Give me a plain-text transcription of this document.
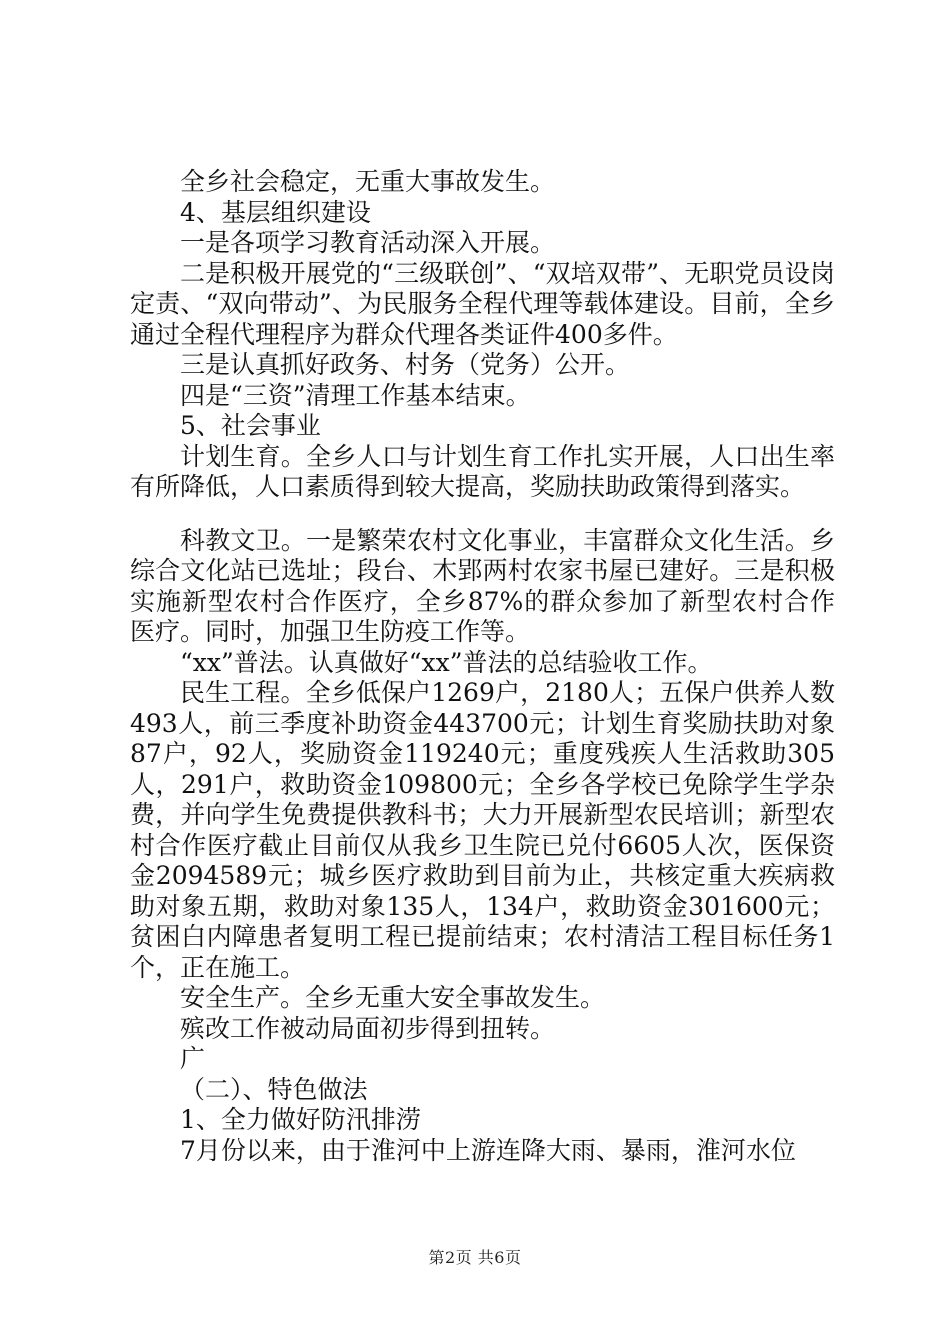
全乡社会稳定，无重大事故发生。

4、基层组织建设

一是各项学习教育活动深入开展。

二是积极开展党的“三级联创”、“双培双带”、无职党员设岗定责、“双向带动”、为民服务全程代理等载体建设。目前，全乡通过全程代理程序为群众代理各类证件400多件。

三是认真抓好政务、村务（党务）公开。

四是“三资”清理工作基本结束。

5、社会事业

计划生育。全乡人口与计划生育工作扎实开展，人口出生率有所降低，人口素质得到较大提高，奖励扶助政策得到落实。

科教文卫。一是繁荣农村文化事业，丰富群众文化生活。乡综合文化站已选址；段台、木郢两村农家书屋已建好。三是积极实施新型农村合作医疗，全乡87%的群众参加了新型农村合作医疗。同时，加强卫生防疫工作等。

“xx”普法。认真做好“xx”普法的总结验收工作。

民生工程。全乡低保户1269户，2180人；五保户供养人数493人，前三季度补助资金443700元；计划生育奖励扶助对象87户，92人，奖励资金119240元；重度残疾人生活救助305人，291户，救助资金109800元；全乡各学校已免除学生学杂费，并向学生免费提供教科书；大力开展新型农民培训；新型农村合作医疗截止目前仅从我乡卫生院已兑付6605人次，医保资金2094589元；城乡医疗救助到目前为止，共核定重大疾病救助对象五期，救助对象135人，134户，救助资金301600元；贫困白内障患者复明工程已提前结束；农村清洁工程目标任务1个，正在施工。

安全生产。全乡无重大安全事故发生。

殡改工作被动局面初步得到扭转。

广

（二）、特色做法

1、全力做好防汛排涝

7月份以来，由于淮河中上游连降大雨、暴雨，淮河水位

第2页 共6页
